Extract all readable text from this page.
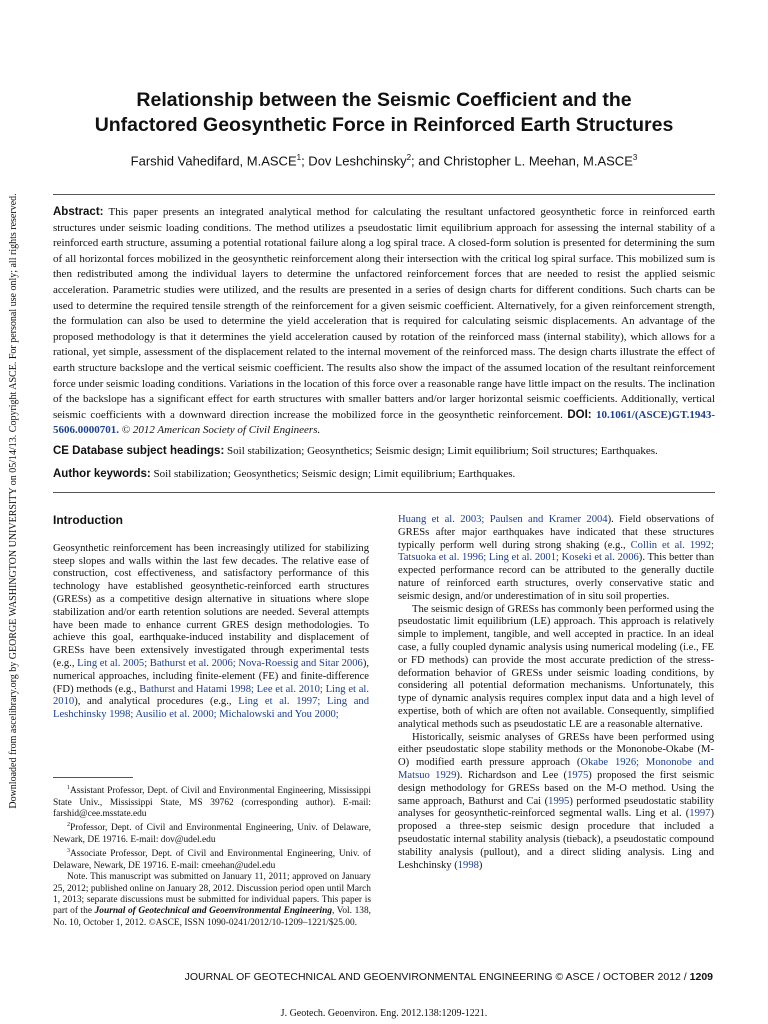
Downloaded from ascelibrary.org by GEORGE WASHINGTON UNIVERSITY on 05/14/13. Copyright ASCE. For personal use only; all rights reserved.
Relationship between the Seismic Coefficient and the
Unfactored Geosynthetic Force in Reinforced Earth Structures
Farshid Vahedifard, M.ASCE$^1$; Dov Leshchinsky$^2$; and Christopher L. Meehan, M.ASCE$^3$
Abstract: This paper presents an integrated analytical method for calculating the resultant unfactored geosynthetic force in reinforced earth structures under seismic loading conditions. The method utilizes a pseudostatic limit equilibrium approach for assessing the internal stability of a reinforced earth structure, assuming a potential rotational failure along a log spiral trace. A closed-form solution is presented for determining the sum of all horizontal forces mobilized in the geosynthetic reinforcement along their intersection with the critical log spiral surface. This mobilized sum is then redistributed among the individual layers to determine the unfactored reinforcement forces that are needed to resist the applied seismic acceleration. Parametric studies were utilized, and the results are presented in a series of design charts for different conditions. Such charts can be used to determine the required tensile strength of the reinforcement for a given seismic coefficient. Alternatively, for a given reinforcement strength, the formulation can also be used to determine the yield acceleration that is required for calculating seismic displacements. An advantage of the proposed methodology is that it determines the yield acceleration caused by rotation of the reinforced mass (internal stability), which allows for a rational, yet simple, assessment of the displacement related to the internal movement of the reinforced mass. The design charts illustrate the effect of earth structure backslope and the vertical seismic coefficient. The results also show the impact of the assumed location of the resultant reinforcement force under seismic loading conditions. Variations in the location of this force over a reasonable range have little impact on the results. The inclination of the backslope has a significant effect for earth structures with smaller batters and/or larger horizontal seismic coefficients. Additionally, vertical seismic coefficients with a downward direction increase the mobilized force in the geosynthetic reinforcement. DOI: 10.1061/(ASCE)GT.1943-5606.0000701. © 2012 American Society of Civil Engineers.
CE Database subject headings: Soil stabilization; Geosynthetics; Seismic design; Limit equilibrium; Soil structures; Earthquakes.
Author keywords: Soil stabilization; Geosynthetics; Seismic design; Limit equilibrium; Earthquakes.
Introduction

Geosynthetic reinforcement has been increasingly utilized for stabilizing steep slopes and walls within the last few decades. The relative ease of construction, cost effectiveness, and satisfactory performance of this technology have established geosynthetic-reinforced earth structures (GRESs) as a competitive design alternative in situations where slope stabilization and/or earth retention solutions are needed. Several attempts have been made to enhance current GRES design methodologies. To achieve this goal, earthquake-induced instability and displacement of GRESs have been extensively investigated through experimental tests (e.g., Ling et al. 2005; Bathurst et al. 2006; Nova-Roessig and Sitar 2006), numerical approaches, including finite-element (FE) and finite-difference (FD) methods (e.g., Bathurst and Hatami 1998; Lee et al. 2010; Ling et al. 2010), and analytical procedures (e.g., Ling et al. 1997; Ling and Leshchinsky 1998; Ausilio et al. 2000; Michalowski and You 2000;

$^1$Assistant Professor, Dept. of Civil and Environmental Engineering, Mississippi State Univ., Mississippi State, MS 39762 (corresponding author). E-mail: farshid@cee.msstate.edu

$^2$Professor, Dept. of Civil and Environmental Engineering, Univ. of Delaware, Newark, DE 19716. E-mail: dov@udel.edu

$^3$Associate Professor, Dept. of Civil and Environmental Engineering, Univ. of Delaware, Newark, DE 19716. E-mail: cmeehan@udel.edu

Note. This manuscript was submitted on January 11, 2011; approved on January 25, 2012; published online on January 28, 2012. Discussion period open until March 1, 2013; separate discussions must be submitted for individual papers. This paper is part of the Journal of Geotechnical and Geoenvironmental Engineering, Vol. 138, No. 10, October 1, 2012. ©ASCE, ISSN 1090-0241/2012/10-1209–1221/$25.00.

Huang et al. 2003; Paulsen and Kramer 2004). Field observations of GRESs after major earthquakes have indicated that these structures typically perform well during strong shaking (e.g., Collin et al. 1992; Tatsuoka et al. 1996; Ling et al. 2001; Koseki et al. 2006). This better than expected performance record can be attributed to the generally ductile nature of reinforced earth structures, overly conservative static and seismic design, and/or underestimation of in situ soil properties.

The seismic design of GRESs has commonly been performed using the pseudostatic limit equilibrium (LE) approach. This approach is relatively simple to implement, tangible, and well accepted in practice. In an ideal case, a fully coupled dynamic analysis using numerical modeling (i.e., FE or FD methods) can provide the most accurate prediction of the stress-deformation behavior of GRESs under seismic loading conditions, by considering all potential deformation mechanisms. Unfortunately, this type of dynamic analysis requires complex input data and a high level of expertise, both of which are often not available. Consequently, simplified analytical methods such as pseudostatic LE are a reasonable alternative.

Historically, seismic analyses of GRESs have been performed using either pseudostatic slope stability methods or the Mononobe-Okabe (M-O) modified earth pressure approach (Okabe 1926; Mononobe and Matsuo 1929). Richardson and Lee (1975) proposed the first seismic design methodology for GRESs based on the M-O method. Using the same approach, Bathurst and Cai (1995) performed pseudostatic stability analyses for geosynthetic-reinforced segmental walls. Ling et al. (1997) proposed a three-step seismic design procedure that included a pseudostatic internal stability analysis (tieback), a pseudostatic compound stability analysis (pullout), and a direct sliding analysis. Ling and Leshchinsky (1998)

JOURNAL OF GEOTECHNICAL AND GEOENVIRONMENTAL ENGINEERING © ASCE / OCTOBER 2012 / 1209
J. Geotech. Geoenviron. Eng. 2012.138:1209-1221.
